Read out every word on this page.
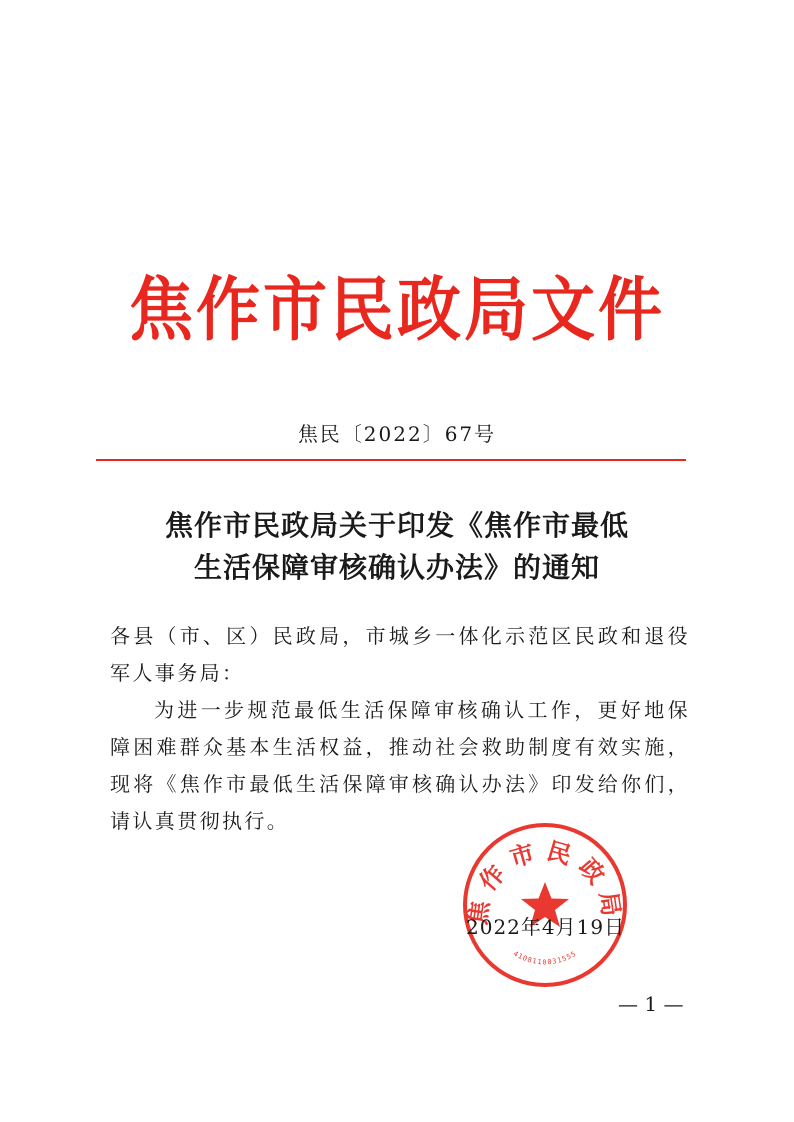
焦作市民政局文件
焦民〔2022〕67号
焦作市民政局关于印发《焦作市最低
生活保障审核确认办法》的通知

各县（市、区）民政局，市城乡一体化示范区民政和退役军人事务局：

为进一步规范最低生活保障审核确认工作，更好地保障困难群众基本生活权益，推动社会救助制度有效实施，现将《焦作市最低生活保障审核确认办法》印发给你们，请认真贯彻执行。

焦作市民政局
4108110031555
2022年4月19日
— 1 —
